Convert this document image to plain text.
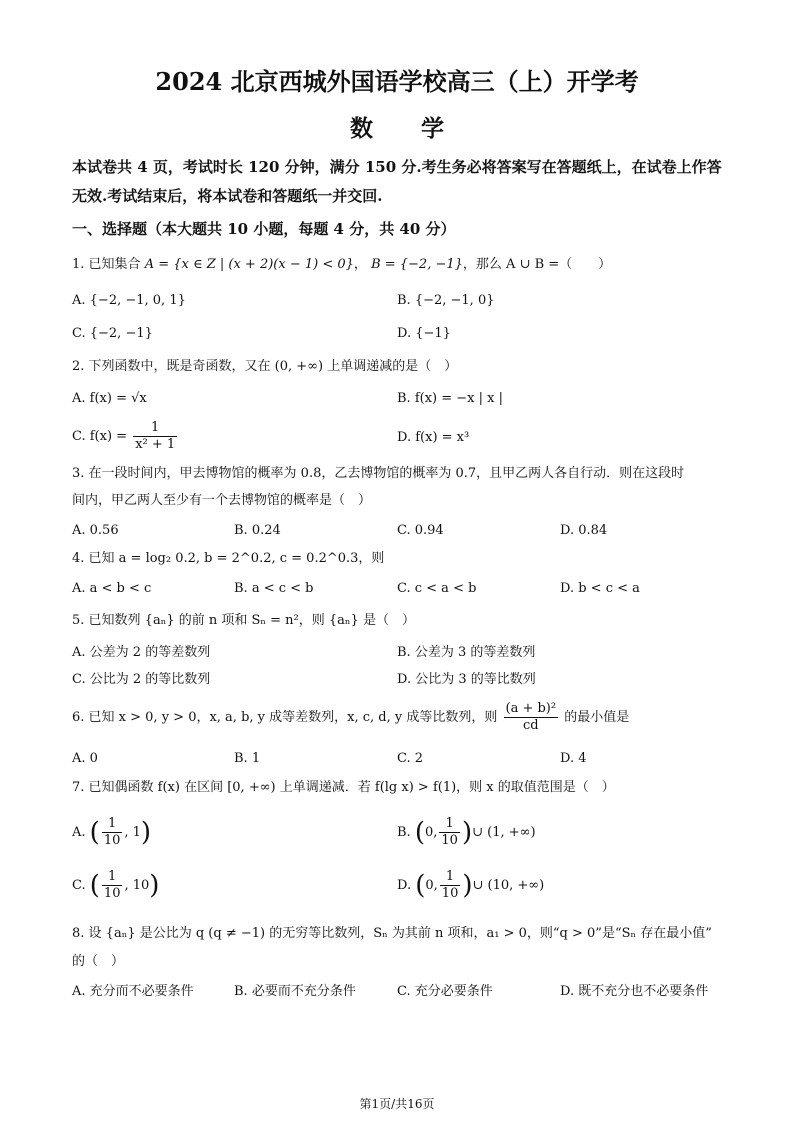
2024 北京西城外国语学校高三（上）开学考
数学
本试卷共 4 页，考试时长 120 分钟，满分 150 分.考生务必将答案写在答题纸上，在试卷上作答无效.考试结束后，将本试卷和答题纸一并交回.
一、选择题（本大题共 10 小题，每题 4 分，共 40 分）
1. 已知集合 A = {x ∈ Z | (x + 2)(x − 1) < 0}， B = {−2, −1}，那么 A ∪ B =（　　）
A. {−2, −1, 0, 1}	B. {−2, −1, 0}
C. {−2, −1}	D. {−1}
2. 下列函数中，既是奇函数，又在 (0, +∞) 上单调递减的是（　）
A. f(x) = √x	B. f(x) = −x | x |
C. $f(x) = \frac{1}{\text{x² + 1}}$	D. f(x) = x³
3. 在一段时间内，甲去博物馆的概率为 0.8，乙去博物馆的概率为 0.7，且甲乙两人各自行动．则在这段时
间内，甲乙两人至少有一个去博物馆的概率是（　）
A. 0.56	B. 0.24	C. 0.94	D. 0.84
4. 已知 a = log₂ 0.2, b = 2^0.2, c = 0.2^0.3，则
A. a < b < c	B. a < c < b	C. c < a < b	D. b < c < a
5. 已知数列 {aₙ} 的前 n 项和 Sₙ = n²，则 {aₙ} 是（　）
A. 公差为 2 的等差数列	B. 公差为 3 的等差数列
C. 公比为 2 的等比数列	D. 公比为 3 的等比数列
6. 已知 x > 0, y > 0，x, a, b, y 成等差数列，x, c, d, y 成等比数列，则 $\frac{\text{(a + b)²}}{cd}$ 的最小值是
A. 0	B. 1	C. 2	D. 4
7. 已知偶函数 f(x) 在区间 [0, +∞) 上单调递减．若 f(lg x) > f(1)，则 x 的取值范围是（　）
A. ( $\frac{1}{10}$ , 1)	B. (0, $\frac{1}{10}$ )∪ (1, +∞)
C. ( $\frac{1}{10}$ , 10)	D. (0, $\frac{1}{10}$ )∪ (10, +∞)
8. 设 {aₙ} 是公比为 q (q ≠ −1) 的无穷等比数列，Sₙ 为其前 n 项和，a₁ > 0，则“q > 0”是“Sₙ 存在最小值”
的（　）
A. 充分而不必要条件	B. 必要而不充分条件	C. 充分必要条件	D. 既不充分也不必要条件
第1页/共16页
